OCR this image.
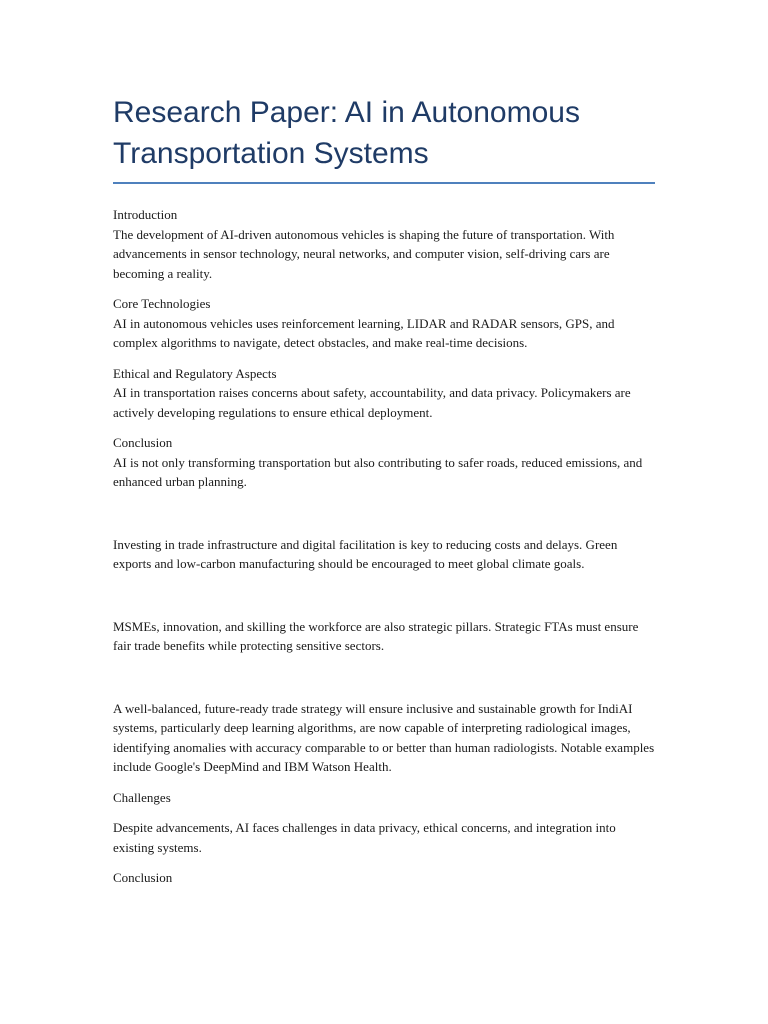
Research Paper: AI in Autonomous Transportation Systems
Introduction
The development of AI-driven autonomous vehicles is shaping the future of transportation. With advancements in sensor technology, neural networks, and computer vision, self-driving cars are becoming a reality.
Core Technologies
AI in autonomous vehicles uses reinforcement learning, LIDAR and RADAR sensors, GPS, and complex algorithms to navigate, detect obstacles, and make real-time decisions.
Ethical and Regulatory Aspects
AI in transportation raises concerns about safety, accountability, and data privacy. Policymakers are actively developing regulations to ensure ethical deployment.
Conclusion
AI is not only transforming transportation but also contributing to safer roads, reduced emissions, and enhanced urban planning.
Investing in trade infrastructure and digital facilitation is key to reducing costs and delays. Green exports and low-carbon manufacturing should be encouraged to meet global climate goals.
MSMEs, innovation, and skilling the workforce are also strategic pillars. Strategic FTAs must ensure fair trade benefits while protecting sensitive sectors.
A well-balanced, future-ready trade strategy will ensure inclusive and sustainable growth for IndiAI systems, particularly deep learning algorithms, are now capable of interpreting radiological images, identifying anomalies with accuracy comparable to or better than human radiologists. Notable examples include Google's DeepMind and IBM Watson Health.
Challenges
Despite advancements, AI faces challenges in data privacy, ethical concerns, and integration into existing systems.
Conclusion
